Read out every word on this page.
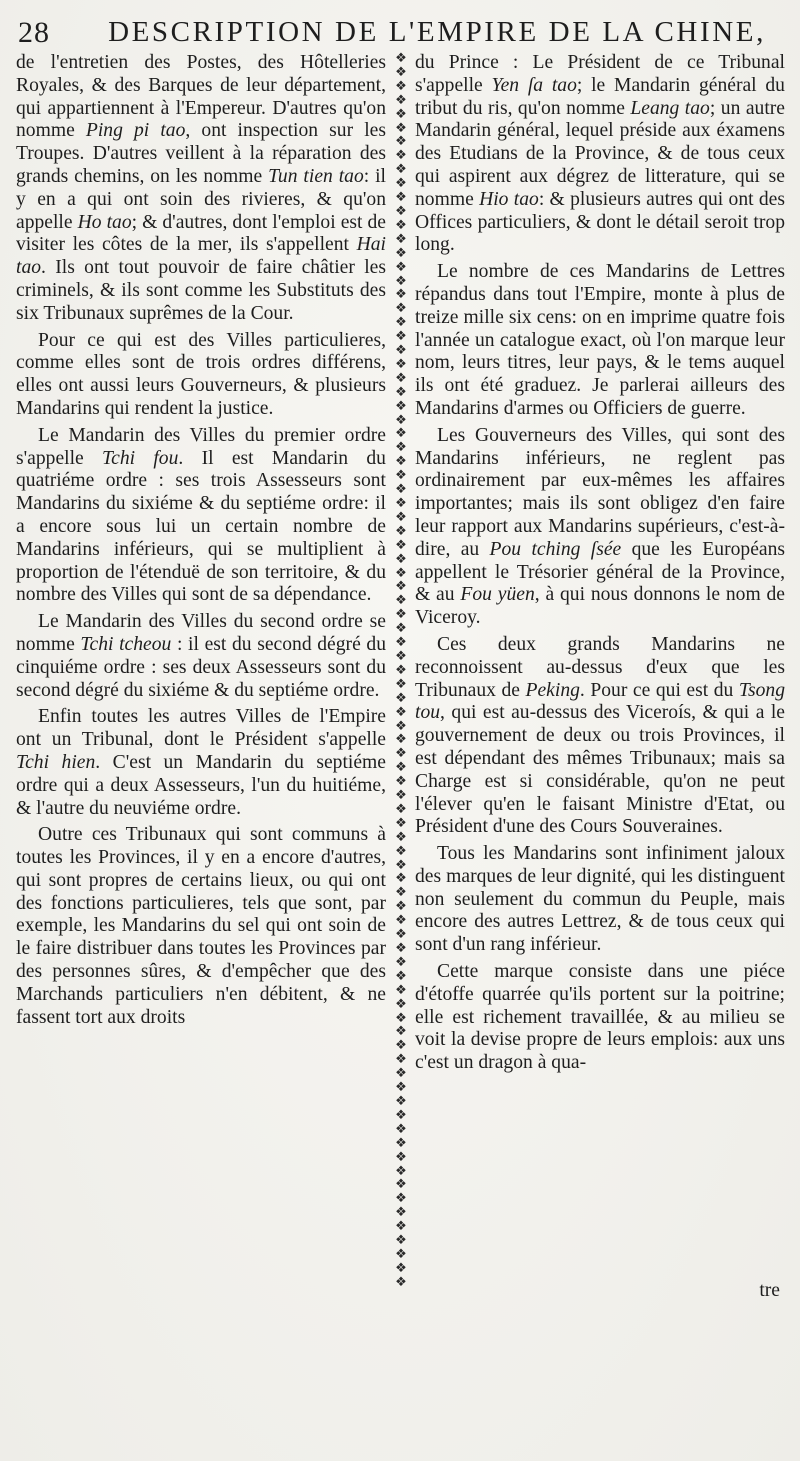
28	DESCRIPTION DE L'EMPIRE DE LA CHINE,

de l'entretien des Postes, des Hôtelleries Royales, & des Barques de leur département, qui appartiennent à l'Empereur. D'autres qu'on nomme Ping pi tao, ont inspection sur les Troupes. D'autres veillent à la réparation des grands chemins, on les nomme Tun tien tao: il y en a qui ont soin des rivieres, & qu'on appelle Ho tao; & d'autres, dont l'emploi est de visiter les côtes de la mer, ils s'appellent Hai tao. Ils ont tout pouvoir de faire châtier les criminels, & ils sont comme les Substituts des six Tribunaux suprêmes de la Cour.

Pour ce qui est des Villes particulieres, comme elles sont de trois ordres différens, elles ont aussi leurs Gouverneurs, & plusieurs Mandarins qui rendent la justice.

Le Mandarin des Villes du premier ordre s'appelle Tchi fou. Il est Mandarin du quatriéme ordre : ses trois Assesseurs sont Mandarins du sixiéme & du septiéme ordre: il a encore sous lui un certain nombre de Mandarins inférieurs, qui se multiplient à proportion de l'étenduë de son territoire, & du nombre des Villes qui sont de sa dépendance.

Le Mandarin des Villes du second ordre se nomme Tchi tcheou : il est du second dégré du cinquiéme ordre : ses deux Assesseurs sont du second dégré du sixiéme & du septiéme ordre.

Enfin toutes les autres Villes de l'Empire ont un Tribunal, dont le Président s'appelle Tchi hien. C'est un Mandarin du septiéme ordre qui a deux Assesseurs, l'un du huitiéme, & l'autre du neuviéme ordre.

Outre ces Tribunaux qui sont communs à toutes les Provinces, il y en a encore d'autres, qui sont propres de certains lieux, ou qui ont des fonctions particulieres, tels que sont, par exemple, les Mandarins du sel qui ont soin de le faire distribuer dans toutes les Provinces par des personnes sûres, & d'empêcher que des Marchands particuliers n'en débitent, & ne fassent tort aux droits

❖
❖
❖
❖
❖
❖
❖
❖
❖
❖
❖
❖
❖
❖
❖
❖
❖
❖
❖
❖
❖
❖
❖
❖
❖
❖
❖
❖
❖
❖
❖
❖
❖
❖
❖
❖
❖
❖
❖
❖
❖
❖
❖
❖
❖
❖
❖
❖
❖
❖
❖
❖
❖
❖
❖
❖
❖
❖
❖
❖
❖
❖
❖
❖
❖
❖
❖
❖
❖
❖
❖
❖
❖
❖
❖
❖
❖
❖
❖
❖
❖
❖
❖
❖
❖
❖
❖
❖
❖

du Prince : Le Président de ce Tribunal s'appelle Yen ſa tao; le Mandarin général du tribut du ris, qu'on nomme Leang tao; un autre Mandarin général, lequel préside aux éxamens des Etudians de la Province, & de tous ceux qui aspirent aux dégrez de litterature, qui se nomme Hio tao: & plusieurs autres qui ont des Offices particuliers, & dont le détail seroit trop long.

Le nombre de ces Mandarins de Lettres répandus dans tout l'Empire, monte à plus de treize mille six cens: on en imprime quatre fois l'année un catalogue exact, où l'on marque leur nom, leurs titres, leur pays, & le tems auquel ils ont été graduez. Je parlerai ailleurs des Mandarins d'armes ou Officiers de guerre.

Les Gouverneurs des Villes, qui sont des Mandarins inférieurs, ne reglent pas ordinairement par eux-mêmes les affaires importantes; mais ils sont obligez d'en faire leur rapport aux Mandarins supérieurs, c'est-à-dire, au Pou tching ſsée que les Européans appellent le Trésorier général de la Province, & au Fou yüen, à qui nous donnons le nom de Viceroy.

Ces deux grands Mandarins ne reconnoissent au-dessus d'eux que les Tribunaux de Peking. Pour ce qui est du Tsong tou, qui est au-dessus des Viceroís, & qui a le gouvernement de deux ou trois Provinces, il est dépendant des mêmes Tribunaux; mais sa Charge est si considérable, qu'on ne peut l'élever qu'en le faisant Ministre d'Etat, ou Président d'une des Cours Souveraines.

Tous les Mandarins sont infiniment jaloux des marques de leur dignité, qui les distinguent non seulement du commun du Peuple, mais encore des autres Lettrez, & de tous ceux qui sont d'un rang inférieur.

Cette marque consiste dans une piéce d'étoffe quarrée qu'ils portent sur la poitrine; elle est richement travaillée, & au milieu se voit la devise propre de leurs emplois: aux uns c'est un dragon à qua-

tre
